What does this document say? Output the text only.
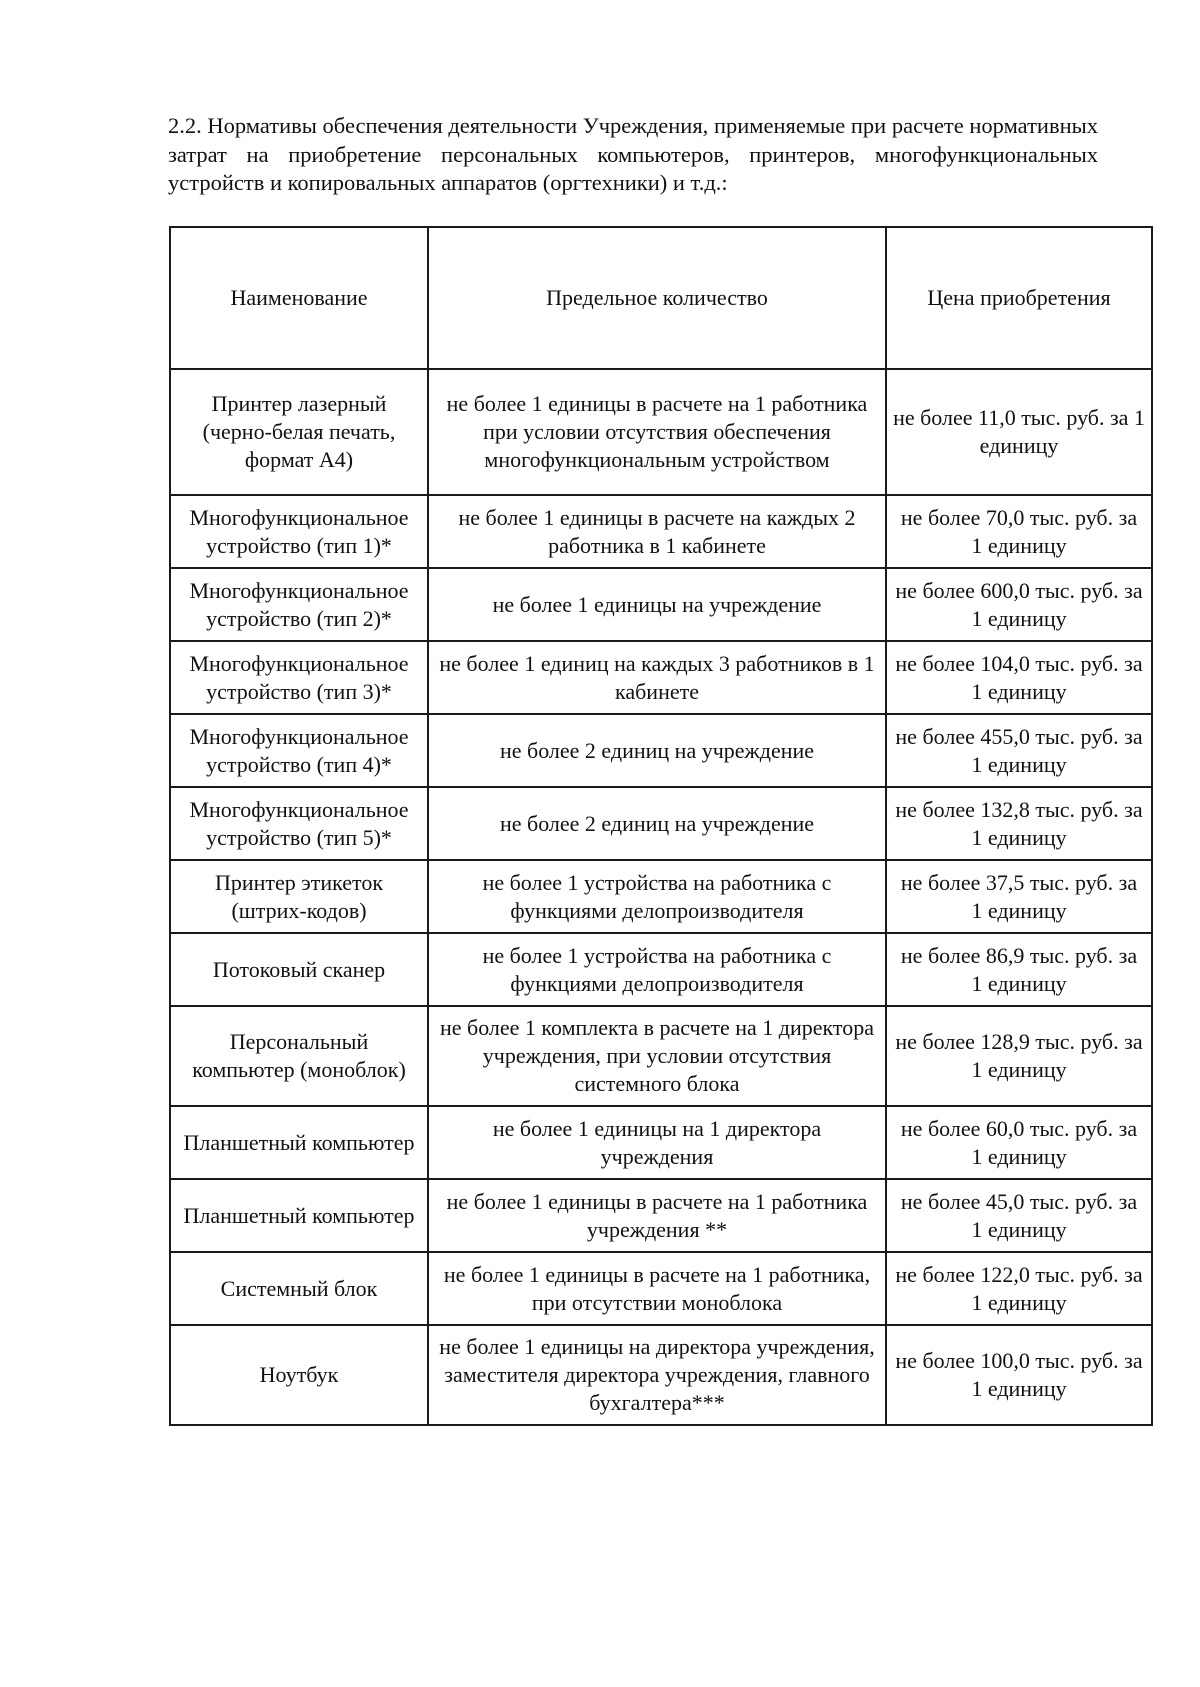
2.2. Нормативы обеспечения деятельности Учреждения, применяемые при расчете нормативных затрат на приобретение персональных компьютеров, принтеров, многофункциональных устройств и копировальных аппаратов (оргтехники) и т.д.:

Наименование	Предельное количество	Цена приобретения
Принтер лазерный (черно-белая печать, формат А4)	не более 1 единицы в расчете на 1 работника при условии отсутствия обеспечения многофункциональным устройством	не более 11,0 тыс. руб. за 1 единицу
Многофункциональное устройство (тип 1)*	не более 1 единицы в расчете на каждых 2 работника в 1 кабинете	не более 70,0 тыс. руб. за 1 единицу
Многофункциональное устройство (тип 2)*	не более 1 единицы на учреждение	не более 600,0 тыс. руб. за 1 единицу
Многофункциональное устройство (тип 3)*	не более 1 единиц на каждых 3 работников в 1 кабинете	не более 104,0 тыс. руб. за 1 единицу
Многофункциональное устройство (тип 4)*	не более 2 единиц на учреждение	не более 455,0 тыс. руб. за 1 единицу
Многофункциональное устройство (тип 5)*	не более 2 единиц на учреждение	не более 132,8 тыс. руб. за 1 единицу
Принтер этикеток (штрих-кодов)	не более 1 устройства на работника с функциями делопроизводителя	не более 37,5 тыс. руб. за 1 единицу
Потоковый сканер	не более 1 устройства на работника с функциями делопроизводителя	не более 86,9 тыс. руб. за 1 единицу
Персональный компьютер (моноблок)	не более 1 комплекта в расчете на 1 директора учреждения, при условии отсутствия системного блока	не более 128,9 тыс. руб. за 1 единицу
Планшетный компьютер	не более 1 единицы на 1 директора учреждения	не более 60,0 тыс. руб. за 1 единицу
Планшетный компьютер	не более 1 единицы в расчете на 1 работника учреждения **	не более 45,0 тыс. руб. за 1 единицу
Системный блок	не более 1 единицы в расчете на 1 работника, при отсутствии моноблока	не более 122,0 тыс. руб. за 1 единицу
Ноутбук	не более 1 единицы на директора учреждения, заместителя директора учреждения, главного бухгалтера***	не более 100,0 тыс. руб. за 1 единицу
